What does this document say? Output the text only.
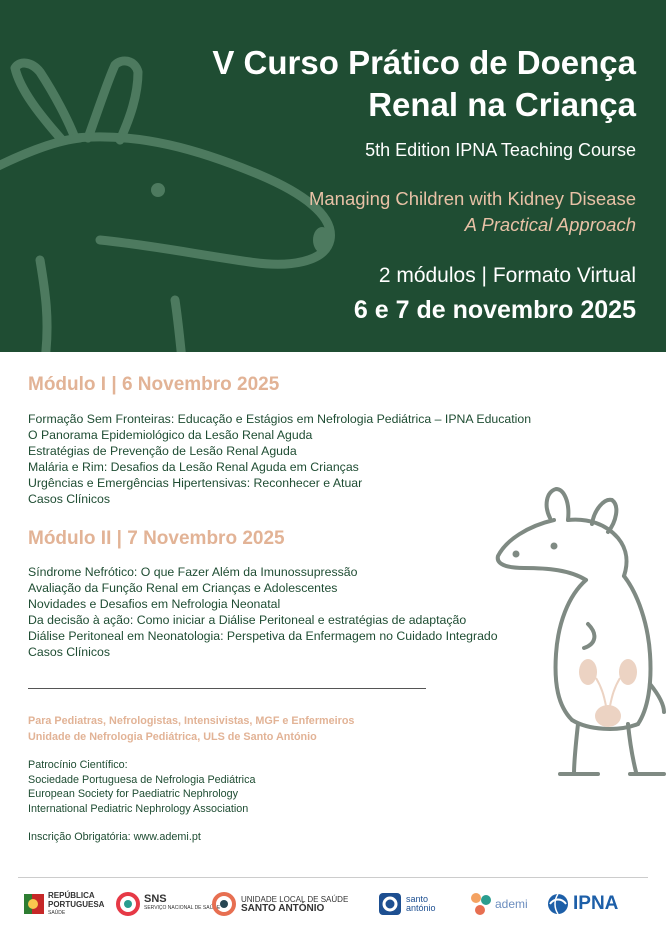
V Curso Prático de Doença
Renal na Criança
5th Edition IPNA Teaching Course
Managing Children with Kidney Disease
A Practical Approach
2 módulos | Formato Virtual
6 e 7 de novembro 2025
Módulo I | 6 Novembro 2025
Formação Sem Fronteiras: Educação e Estágios em Nefrologia Pediátrica – IPNA Education
O Panorama Epidemiológico da Lesão Renal Aguda
Estratégias de Prevenção de Lesão Renal Aguda
Malária e Rim: Desafios da Lesão Renal Aguda em Crianças
Urgências e Emergências Hipertensivas: Reconhecer e Atuar
Casos Clínicos
Módulo II | 7 Novembro 2025
Síndrome Nefrótico: O que Fazer Além da Imunossupressão
Avaliação da Função Renal em Crianças e Adolescentes
Novidades e Desafios em Nefrologia Neonatal
Da decisão à ação: Como iniciar a Diálise Peritoneal e estratégias de adaptação
Diálise Peritoneal em Neonatologia: Perspetiva da Enfermagem no Cuidado Integrado
Casos Clínicos
Para Pediatras, Nefrologistas, Intensivistas, MGF e Enfermeiros
Unidade de Nefrologia Pediátrica, ULS de Santo António
Patrocínio Científico:
Sociedade Portuguesa de Nefrologia Pediátrica
European Society for Paediatric Nephrology
International Pediatric Nephrology Association
Inscrição Obrigatória: www.ademi.pt
REPÚBLICA
PORTUGUESA
SAÚDE
SNS
SERVIÇO NACIONAL DE SAÚDE
UNIDADE LOCAL DE SAÚDE
SANTO ANTÓNIO
santo
antónio	ademi IPNA
